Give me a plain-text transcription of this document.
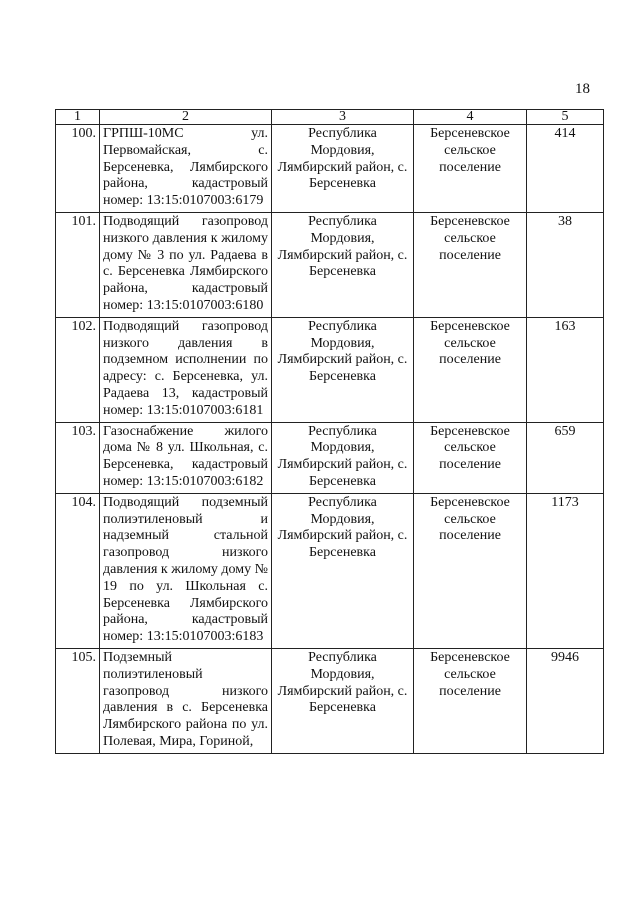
18
1	2	3	4	5
100.	ГРПШ-10МС ул. Первомайская, с. Берсеневка, Лямбирского района, кадастровый номер: 13:15:0107003:6179	Республика Мордовия, Лямбирский район, с. Берсеневка	Берсеневское сельское поселение	414
101.	Подводящий газопровод низкого давления к жилому дому № 3 по ул. Радаева в с. Берсеневка Лямбирского района, кадастровый номер: 13:15:0107003:6180	Республика Мордовия, Лямбирский район, с. Берсеневка	Берсеневское сельское поселение	38
102.	Подводящий газопровод низкого давления в подземном исполнении по адресу: с. Берсеневка, ул. Радаева 13, кадастровый номер: 13:15:0107003:6181	Республика Мордовия, Лямбирский район, с. Берсеневка	Берсеневское сельское поселение	163
103.	Газоснабжение жилого дома № 8 ул. Школьная, с. Берсеневка, кадастровый номер: 13:15:0107003:6182	Республика Мордовия, Лямбирский район, с. Берсеневка	Берсеневское сельское поселение	659
104.	Подводящий подземный полиэтиленовый и надземный стальной газопровод низкого давления к жилому дому № 19 по ул. Школьная с. Берсеневка Лямбирского района, кадастровый номер: 13:15:0107003:6183	Республика Мордовия, Лямбирский район, с. Берсеневка	Берсеневское сельское поселение	1173
105.	Подземный полиэтиленовый газопровод низкого давления в с. Берсеневка Лямбирского района по ул. Полевая, Мира, Гориной,	Республика Мордовия, Лямбирский район, с. Берсеневка	Берсеневское сельское поселение	9946
